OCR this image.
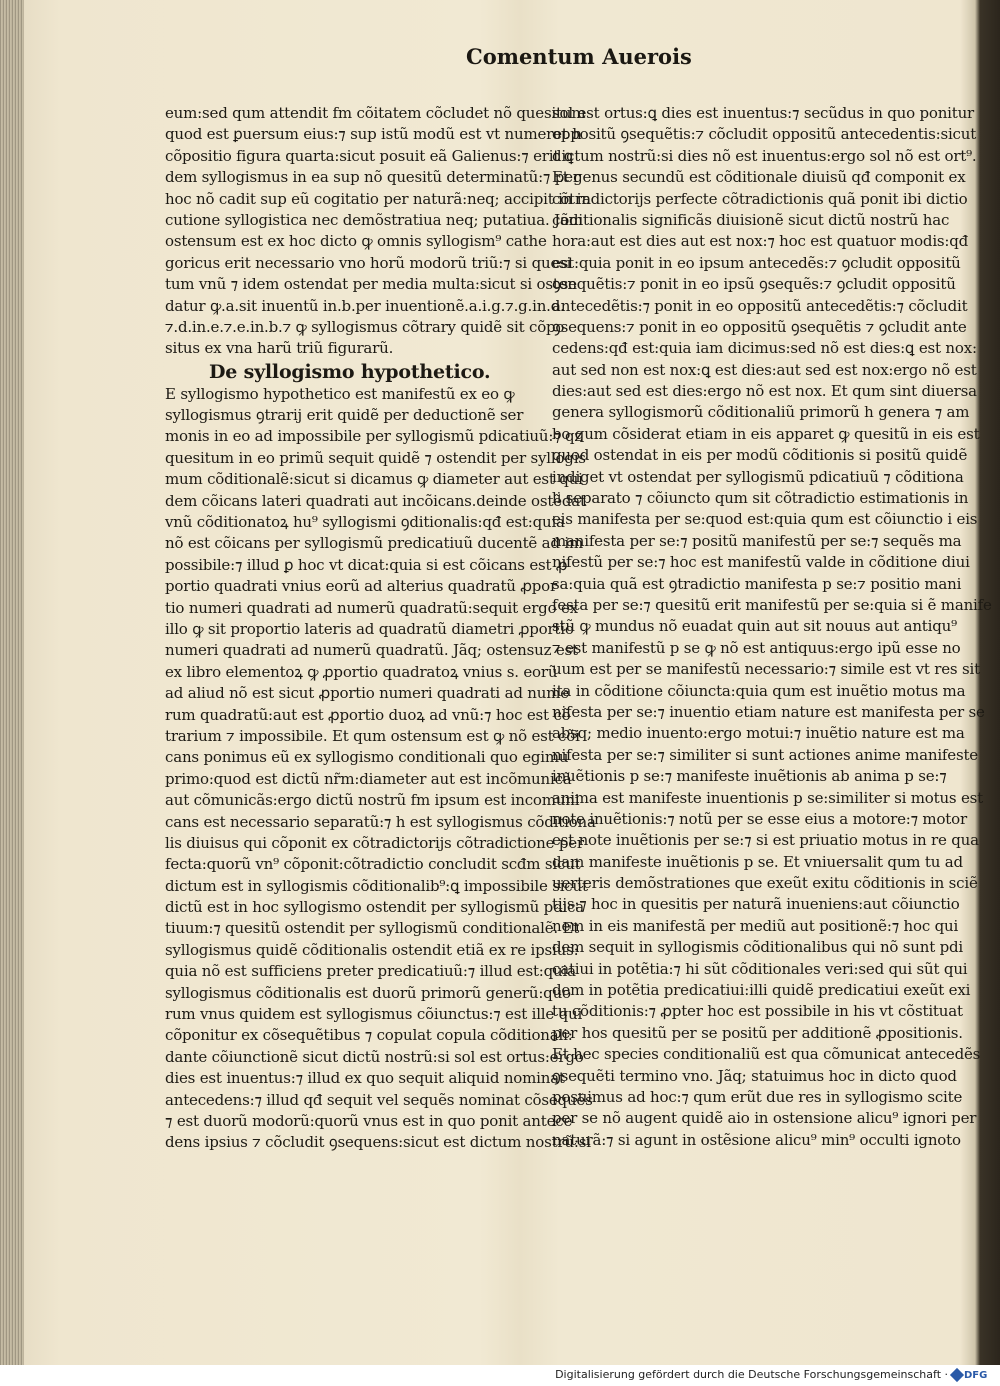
Comentum Auerois
eum:sed qum attendit fm cõitatem cõcludet nõ quesitum
quod est ꝑuersum eius:⁊ sup istũ modũ est vt numeret h
cõpositio figura quarta:sicut posuit eã Galienus:⁊ erit ꝗ
dem syllogismus in ea sup nõ quesitũ determinatũ:⁊ per
hoc nõ cadit sup eũ cogitatio per naturã:neq; accipit in in
cutione syllogistica nec demõstratiua neq; putatiua. Jam
ostensum est ex hoc dicto ꝙ omnis syllogism⁹ cathe
goricus erit necessario vno horũ modorũ triũ:⁊ si quesi
tum vnũ ⁊ idem ostendat per media multa:sicut si osten
datur ꝙ.a.sit inuentũ in.b.per inuentionẽ.a.i.g.⁊.g.in.d.
⁊.d.in.e.⁊.e.in.b.⁊ ꝙ syllogismus cõtrary quidẽ sit cõpo
situs ex vna harũ triũ figurarũ.
De syllogismo hypothetico.
E syllogismo hypothetico est manifestũ ex eo ꝙ
syllogismus ꝯtrarij erit quidẽ per deductionẽ ser
monis in eo ad impossibile per syllogismũ pdicatiuũ:⁊ qz
quesitum in eo primũ sequit quidẽ ⁊ ostendit per syllogis
mum cõditionalẽ:sicut si dicamus ꝙ diameter aut est qui
dem cõicans lateri quadrati aut incõicans.deinde ostẽdat
vnũ cõditionatoꝝ hu⁹ syllogismi ꝯditionalis:qđ est:quia
nõ est cõicans per syllogismũ predicatiuũ ducentẽ ad im
possibile:⁊ illud ꝑ hoc vt dicat:quia si est cõicans est ꝓ
portio quadrati vnius eorũ ad alterius quadratũ ꝓpor
tio numeri quadrati ad numerũ quadratũ:sequit ergo ex
illo ꝙ sit proportio lateris ad quadratũ diametri ꝓportio
numeri quadrati ad numerũ quadratũ. Jãq; ostensuz est
ex libro elementoꝝ ꝙ ꝓportio quadratoꝝ vnius s. eorũ
ad aliud nõ est sicut ꝓportio numeri quadrati ad nume
rum quadratũ:aut est ꝓportio duoꝝ ad vnũ:⁊ hoc est cõ
trarium ⁊ impossibile. Et qum ostensum est ꝙ nõ est cõi
cans ponimus eũ ex syllogismo conditionali quo egimu
primo:quod est dictũ nr̃m:diameter aut est incõmunicã
aut cõmunicãs:ergo dictũ nostrũ fm ipsum est incomuni
cans est necessario separatũ:⁊ h est syllogismus cõditiona
lis diuisus qui cõponit ex cõtradictorijs cõtradictione per
fecta:quorũ vn⁹ cõponit:cõtradictio concludit scđm sicut
dictum est in syllogismis cõditionalib⁹:ꝗ impossibile sicut
dictũ est in hoc syllogismo ostendit per syllogismũ pdica
tiuum:⁊ quesitũ ostendit per syllogismũ conditionalẽ. Et
syllogismus quidẽ cõditionalis ostendit etiã ex re ipsius:
quia nõ est sufficiens preter predicatiuũ:⁊ illud est:quia
syllogismus cõditionalis est duorũ primorũ generũ:quo
rum vnus quidem est syllogismus cõiunctus:⁊ est ille qui
cõponitur ex cõsequẽtibus ⁊ copulat copula cõditionali:
dante cõiunctionẽ sicut dictũ nostrũ:si sol est ortus:ergo
dies est inuentus:⁊ illud ex quo sequit aliquid nominat
antecedens:⁊ illud qđ sequit vel sequẽs nominat cõsequẽs
⁊ est duorũ modorũ:quorũ vnus est in quo ponit antece
dens ipsius ⁊ cõcludit ꝯsequens:sicut est dictum nostrũ:si
sol est ortus:ꝗ dies est inuentus:⁊ secũdus in quo ponitur
oppositũ ꝯsequẽtis:⁊ cõcludit oppositũ antecedentis:sicut
dictum nostrũ:si dies nõ est inuentus:ergo sol nõ est ort⁹.
Et genus secundũ est cõditionale diuisũ qđ componit ex
cõtradictorijs perfecte cõtradictionis quã ponit ibi dictio
cõditionalis significãs diuisionẽ sicut dictũ nostrũ hac
hora:aut est dies aut est nox:⁊ hoc est quatuor modis:qđ
est:quia ponit in eo ipsum antecedẽs:⁊ ꝯcludit oppositũ
ꝯsequẽtis:⁊ ponit in eo ipsũ ꝯsequẽs:⁊ ꝯcludit oppositũ
antecedẽtis:⁊ ponit in eo oppositũ antecedẽtis:⁊ cõcludit
ꝯsequens:⁊ ponit in eo oppositũ ꝯsequẽtis ⁊ ꝯcludit ante
cedens:qđ est:quia iam dicimus:sed nõ est dies:ꝗ est nox:
aut sed non est nox:ꝗ est dies:aut sed est nox:ergo nõ est
dies:aut sed est dies:ergo nõ est nox. Et qum sint diuersa
genera syllogismorũ cõditionaliũ primorũ h genera ⁊ am
bo qum cõsiderat etiam in eis apparet ꝙ quesitũ in eis est
quod ostendat in eis per modũ cõditionis si positũ quidẽ
indiget vt ostendat per syllogismũ pdicatiuũ ⁊ cõditiona
li separato ⁊ cõiuncto qum sit cõtradictio estimationis in
eis manifesta per se:quod est:quia qum est cõiunctio i eis
manifesta per se:⁊ positũ manifestũ per se:⁊ sequẽs ma
nifestũ per se:⁊ hoc est manifestũ valde in cõditione diui
sa:quia quã est ꝯtradictio manifesta p se:⁊ positio mani
festa per se:⁊ quesitũ erit manifestũ per se:quia si ẽ manife
stũ ꝙ mundus nõ euadat quin aut sit nouus aut antiqu⁹
⁊ est manifestũ p se ꝙ nõ est antiquus:ergo ipũ esse no
uum est per se manifestũ necessario:⁊ simile est vt res sit
ita in cõditione cõiuncta:quia qum est inuẽtio motus ma
nifesta per se:⁊ inuentio etiam nature est manifesta per se
absq; medio inuento:ergo motui:⁊ inuẽtio nature est ma
nifesta per se:⁊ similiter si sunt actiones anime manifeste
inuẽtionis p se:⁊ manifeste inuẽtionis ab anima p se:⁊
anima est manifeste inuentionis p se:similiter si motus est
note inuẽtionis:⁊ notũ per se esse eius a motore:⁊ motor
est note inuẽtionis per se:⁊ si est priuatio motus in re qua
dam manifeste inuẽtionis p se. Et vniuersalit qum tu ad
uerteris demõstrationes que exeũt exitu cõditionis in sciẽ
tijs:⁊ hoc in quesitis per naturã inueniens:aut cõiunctio
nem in eis manifestã per mediũ aut positionẽ:⁊ hoc qui
dem sequit in syllogismis cõditionalibus qui nõ sunt pdi
catiui in potẽtia:⁊ hi sũt cõditionales veri:sed qui sũt qui
dem in potẽtia predicatiui:illi quidẽ predicatiui exeũt exi
tu cõditionis:⁊ ꝓpter hoc est possibile in his vt cõstituat
per hos quesitũ per se positũ per additionẽ ꝓpositionis.
Et hec species conditionaliũ est qua cõmunicat antecedẽs
ꝯsequẽti termino vno. Jãq; statuimus hoc in dicto quod
posuimus ad hoc:⁊ qum erũt due res in syllogismo scite
per se nõ augent quidẽ aio in ostensione alicu⁹ ignori per
naturã:⁊ si agunt in ostẽsione alicu⁹ min⁹ occulti ignoto
Digitalisierung gefördert durch die Deutsche Forschungsgemeinschaft · DFG
